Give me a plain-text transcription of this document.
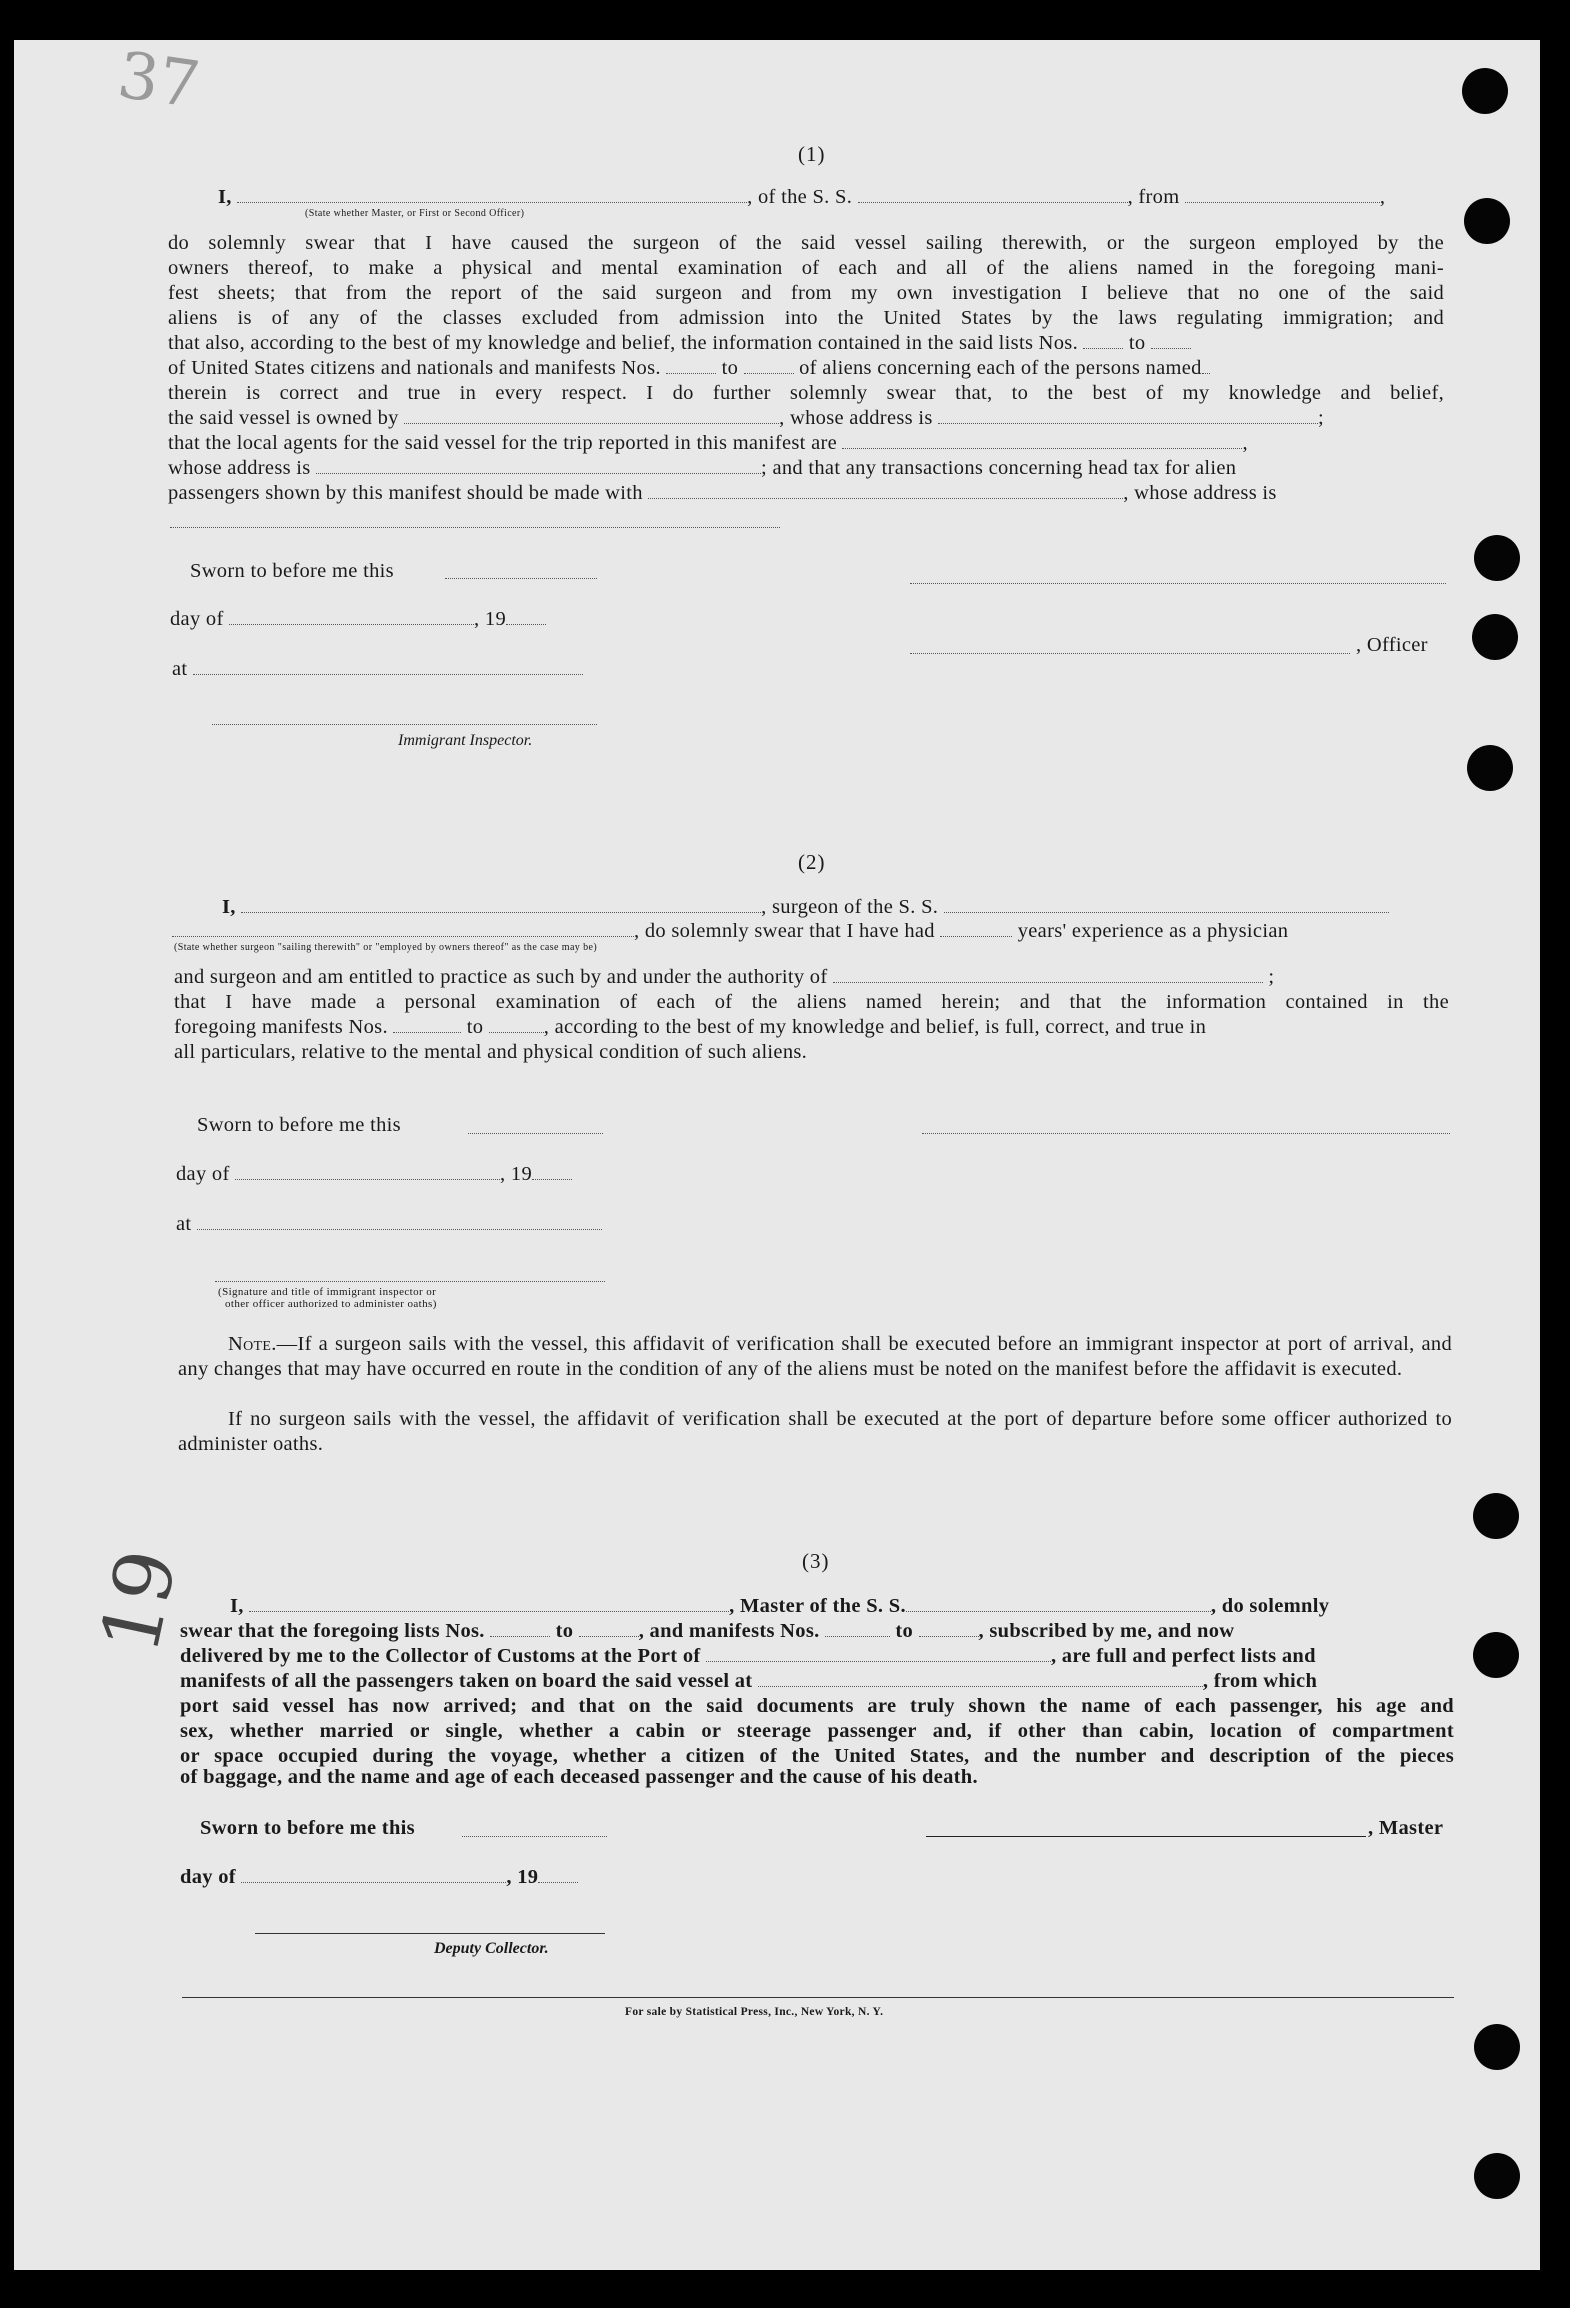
37
19
(1)
I,	, of the S. S.	, from	,
(State whether Master, or First or Second Officer)
do solemnly swear that I have caused the surgeon of the said vessel sailing therewith, or the surgeon employed by the
owners thereof, to make a physical and mental examination of each and all of the aliens named in the foregoing mani-
fest sheets; that from the report of the said surgeon and from my own investigation I believe that no one of the said
aliens is of any of the classes excluded from admission into the United States by the laws regulating immigration; and
that also, according to the best of my knowledge and belief, the information contained in the said lists Nos. to
of United States citizens and nationals and manifests Nos.	to	of aliens concerning each of the persons named
therein is correct and true in every respect. I do further solemnly swear that, to the best of my knowledge and belief,
the said vessel is owned by	, whose address is	;
that the local agents for the said vessel for the trip reported in this manifest are	,
whose address is	; and that any transactions concerning head tax for alien
passengers shown by this manifest should be made with	, whose address is
Sworn to before me this
day of	, 19
, Officer
at
Immigrant Inspector.
(2)
I,	, surgeon of the S. S.
, do solemnly swear that I have had	years' experience as a physician
(State whether surgeon "sailing therewith" or "employed by owners thereof" as the case may be)
and surgeon and am entitled to practice as such by and under the authority of	;
that I have made a personal examination of each of the aliens named herein; and that the information contained in the
foregoing manifests Nos.	to	, according to the best of my knowledge and belief, is full, correct, and true in
all particulars, relative to the mental and physical condition of such aliens.
Sworn to before me this
day of	, 19
at
(Signature and title of immigrant inspector or
other officer authorized to administer oaths)
Note.—If a surgeon sails with the vessel, this affidavit of verification shall be executed before an immigrant inspector at port of arrival, and any changes that may have occurred en route in the condition of any of the aliens must be noted on the manifest before the affidavit is executed.
If no surgeon sails with the vessel, the affidavit of verification shall be executed at the port of departure before some officer authorized to administer oaths.
(3)
I,	, Master of the S. S.	, do solemnly
swear that the foregoing lists Nos.	to	, and manifests Nos.	to	, subscribed by me, and now
delivered by me to the Collector of Customs at the Port of	, are full and perfect lists and
manifests of all the passengers taken on board the said vessel at	, from which
port said vessel has now arrived; and that on the said documents are truly shown the name of each passenger, his age and
sex, whether married or single, whether a cabin or steerage passenger and, if other than cabin, location of compartment
or space occupied during the voyage, whether a citizen of the United States, and the number and description of the pieces
of baggage, and the name and age of each deceased passenger and the cause of his death.
Sworn to before me this	, Master
day of	, 19
Deputy Collector.
For sale by Statistical Press, Inc., New York, N. Y.
